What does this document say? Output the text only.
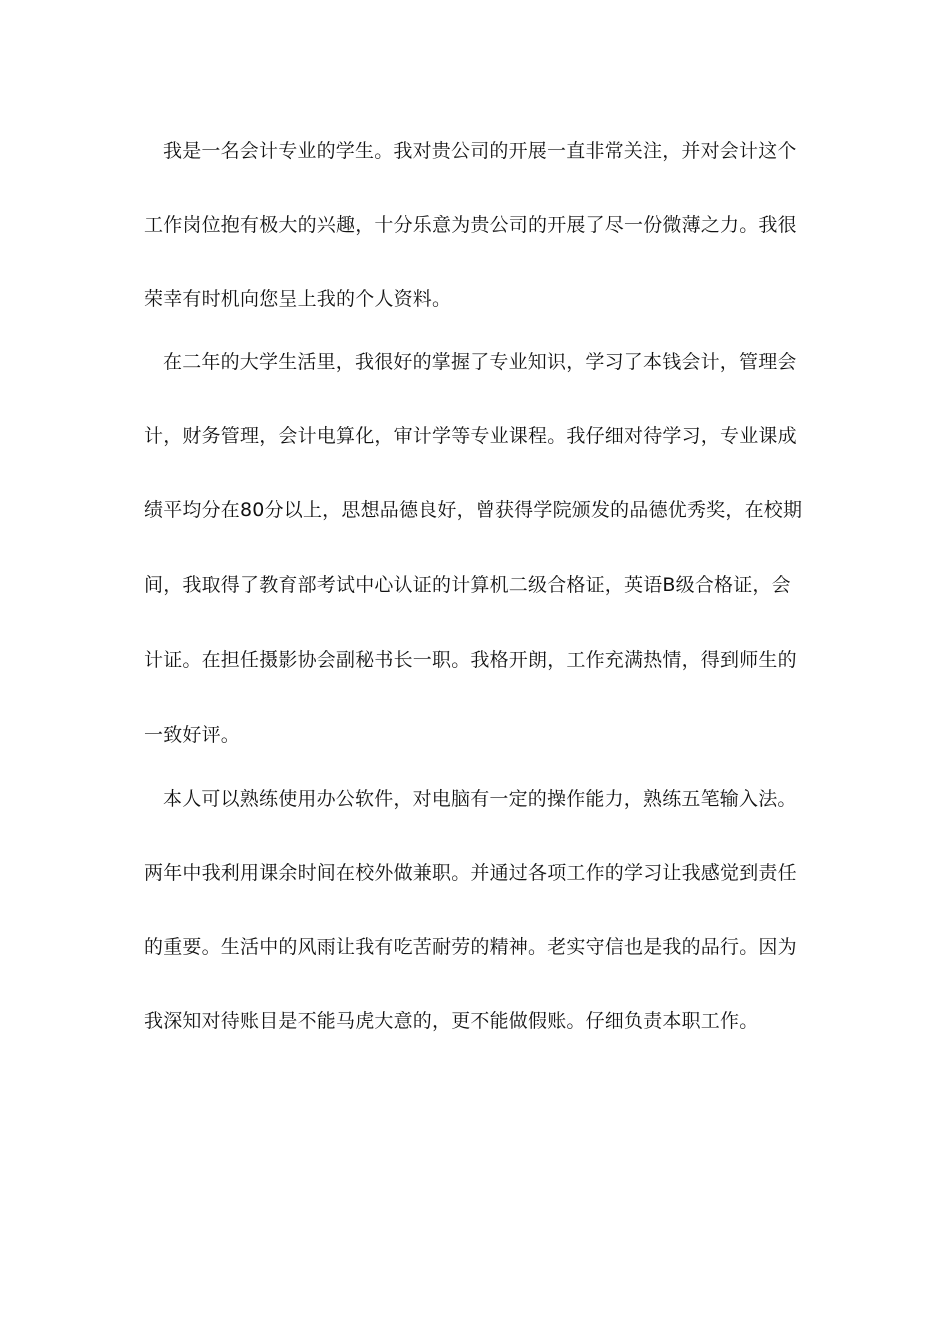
我是一名会计专业的学生。我对贵公司的开展一直非常关注，并对会计这个
工作岗位抱有极大的兴趣，十分乐意为贵公司的开展了尽一份微薄之力。我很
荣幸有时机向您呈上我的个人资料。
在二年的大学生活里，我很好的掌握了专业知识，学习了本钱会计，管理会
计，财务管理，会计电算化，审计学等专业课程。我仔细对待学习，专业课成
绩平均分在80分以上，思想品德良好，曾获得学院颁发的品德优秀奖，在校期
间，我取得了教育部考试中心认证的计算机二级合格证，英语B级合格证，会
计证。在担任摄影协会副秘书长一职。我格开朗，工作充满热情，得到师生的
一致好评。
本人可以熟练使用办公软件，对电脑有一定的操作能力，熟练五笔输入法。
两年中我利用课余时间在校外做兼职。并通过各项工作的学习让我感觉到责任
的重要。生活中的风雨让我有吃苦耐劳的精神。老实守信也是我的品行。因为
我深知对待账目是不能马虎大意的，更不能做假账。仔细负责本职工作。
